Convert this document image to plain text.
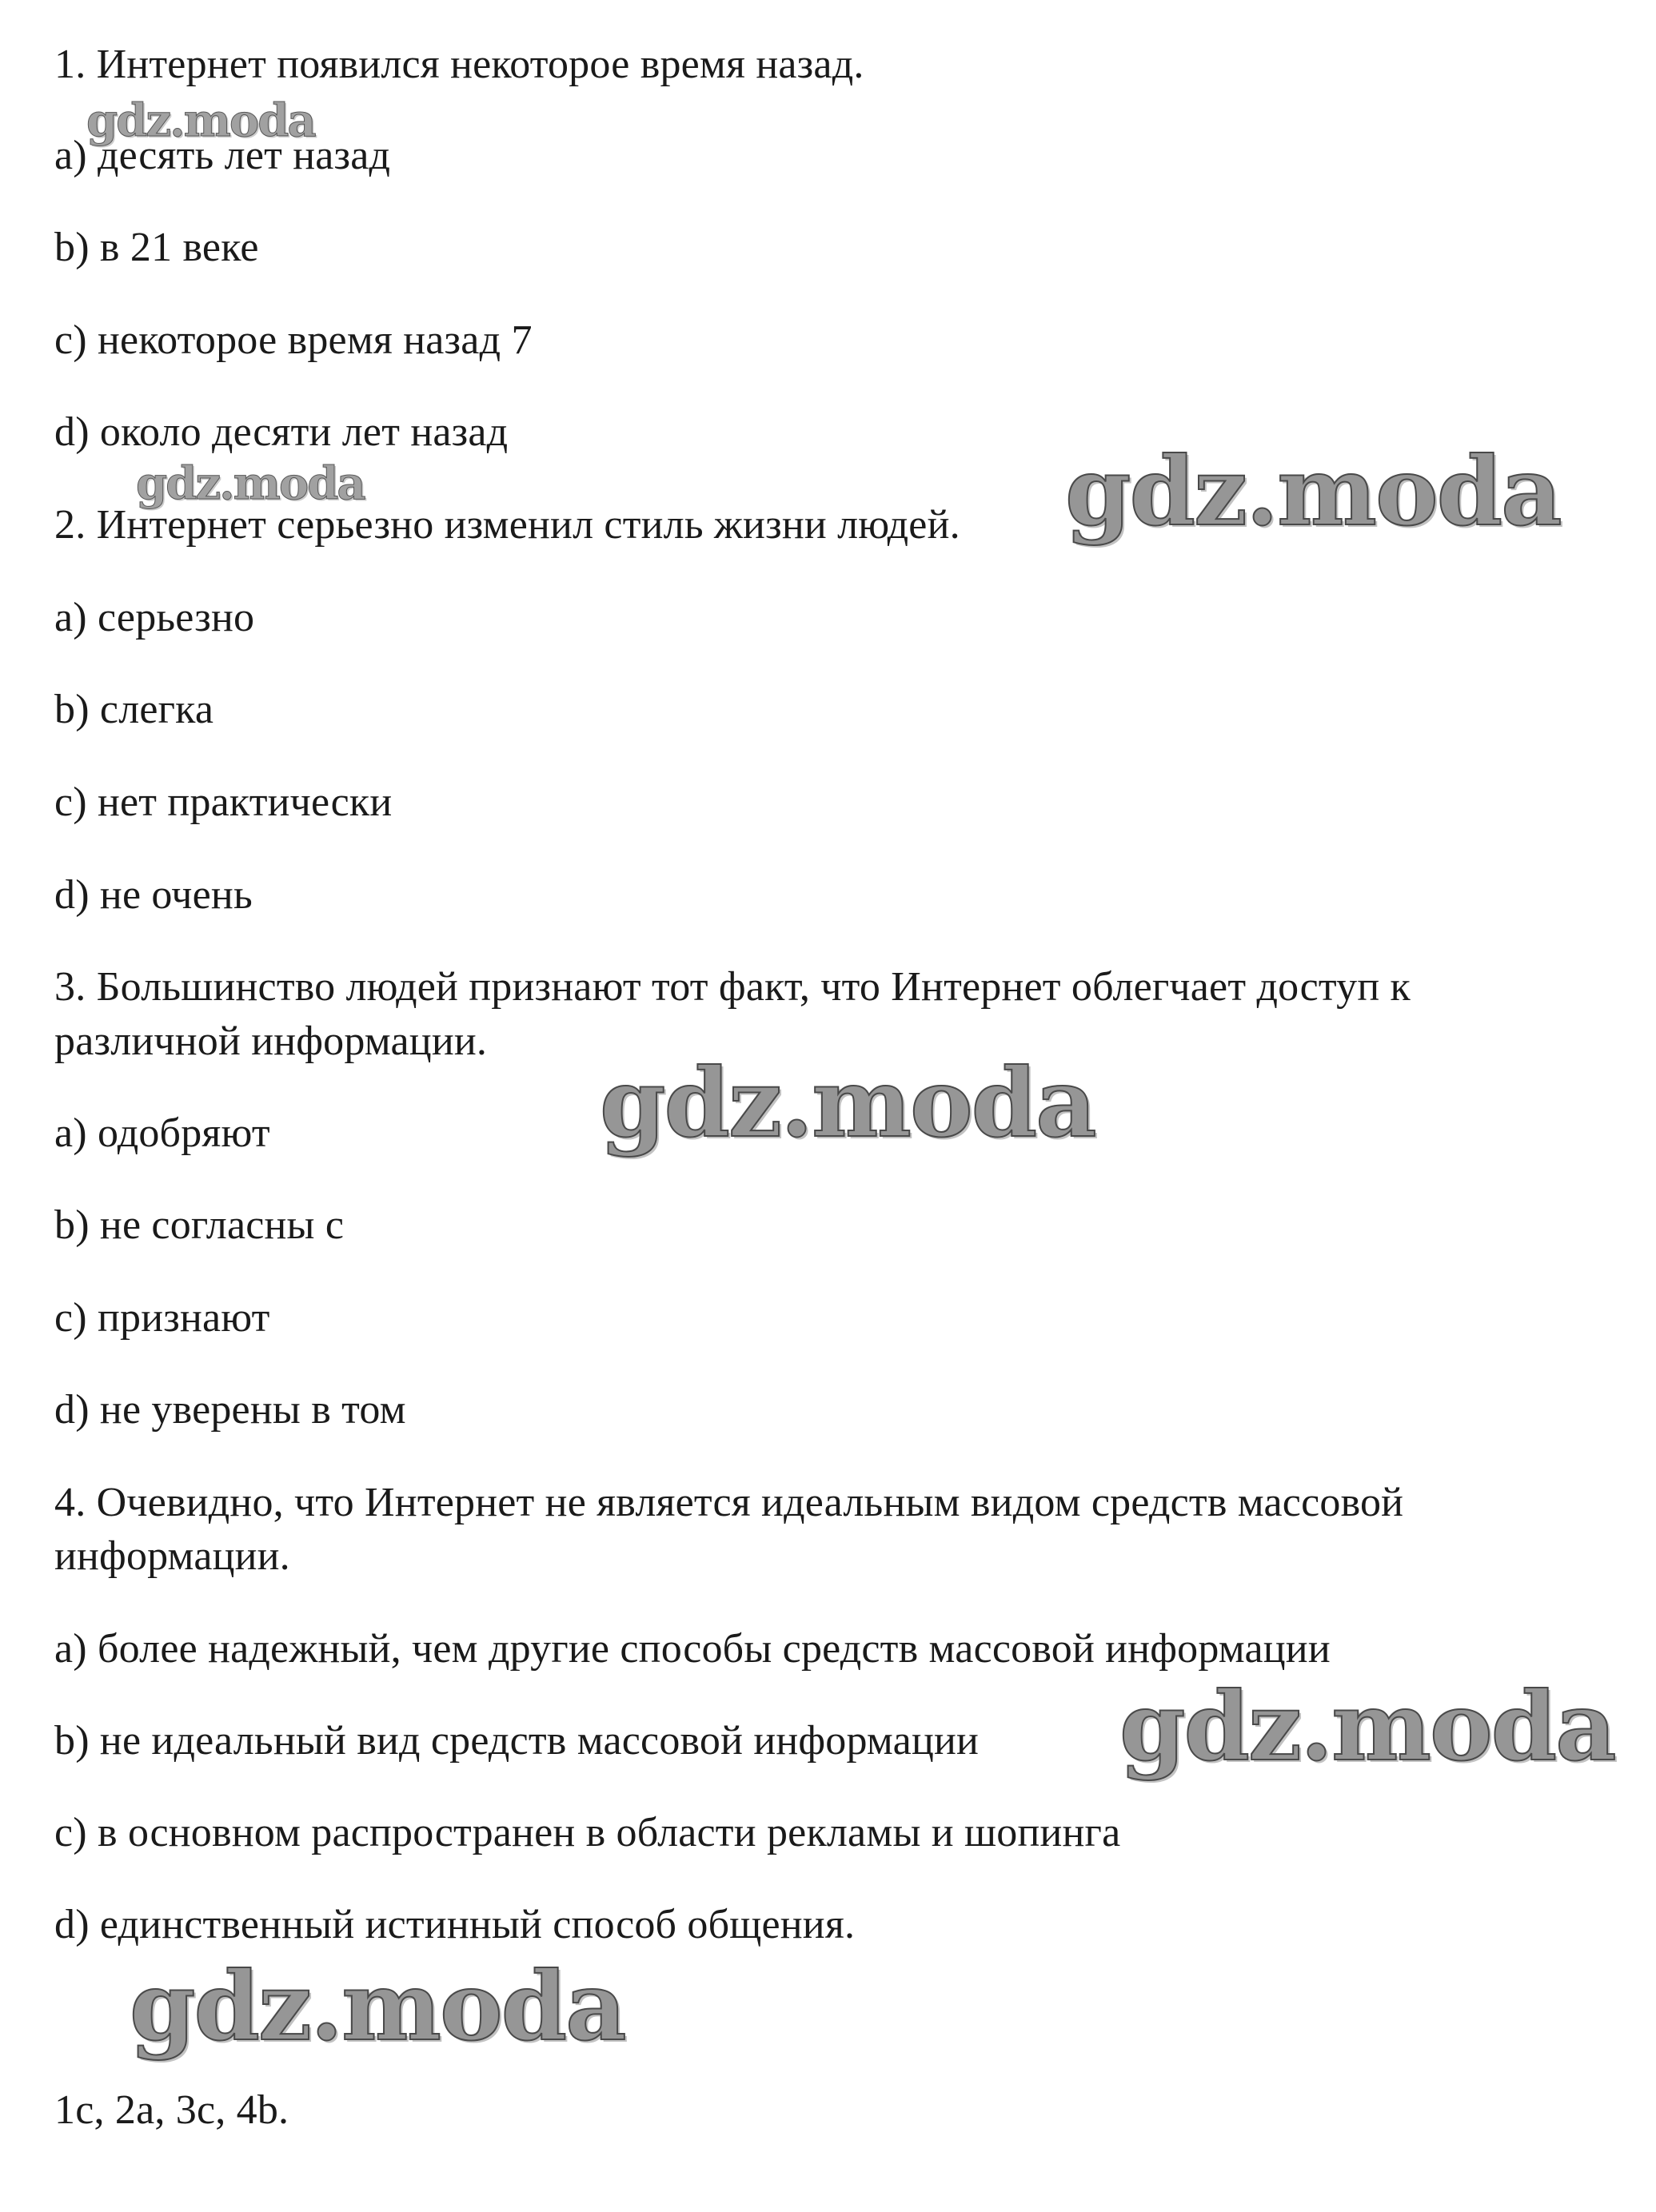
1. Интернет появился некоторое время назад.
а) десять лет назад
b) в 21 веке
с) некоторое время назад 7
d) около десяти лет назад
2. Интернет серьезно изменил стиль жизни людей.
а) серьезно
b) слегка
с) нет практически
d) не очень
3. Большинство людей признают тот факт, что Интернет облегчает доступ к
различной информации.
а) одобряют
b) не согласны с
с) признают
d) не уверены в том
4. Очевидно, что Интернет не является идеальным видом средств массовой
информации.
а) более надежный, чем другие способы средств массовой информации
b) не идеальный вид средств массовой информации
с) в основном распространен в области рекламы и шопинга
d) единственный истинный способ общения.
1с, 2а, 3с, 4b.
gdz.moda
gdz.moda	gdz.moda
gdz.moda
gdz.moda
gdz.moda
